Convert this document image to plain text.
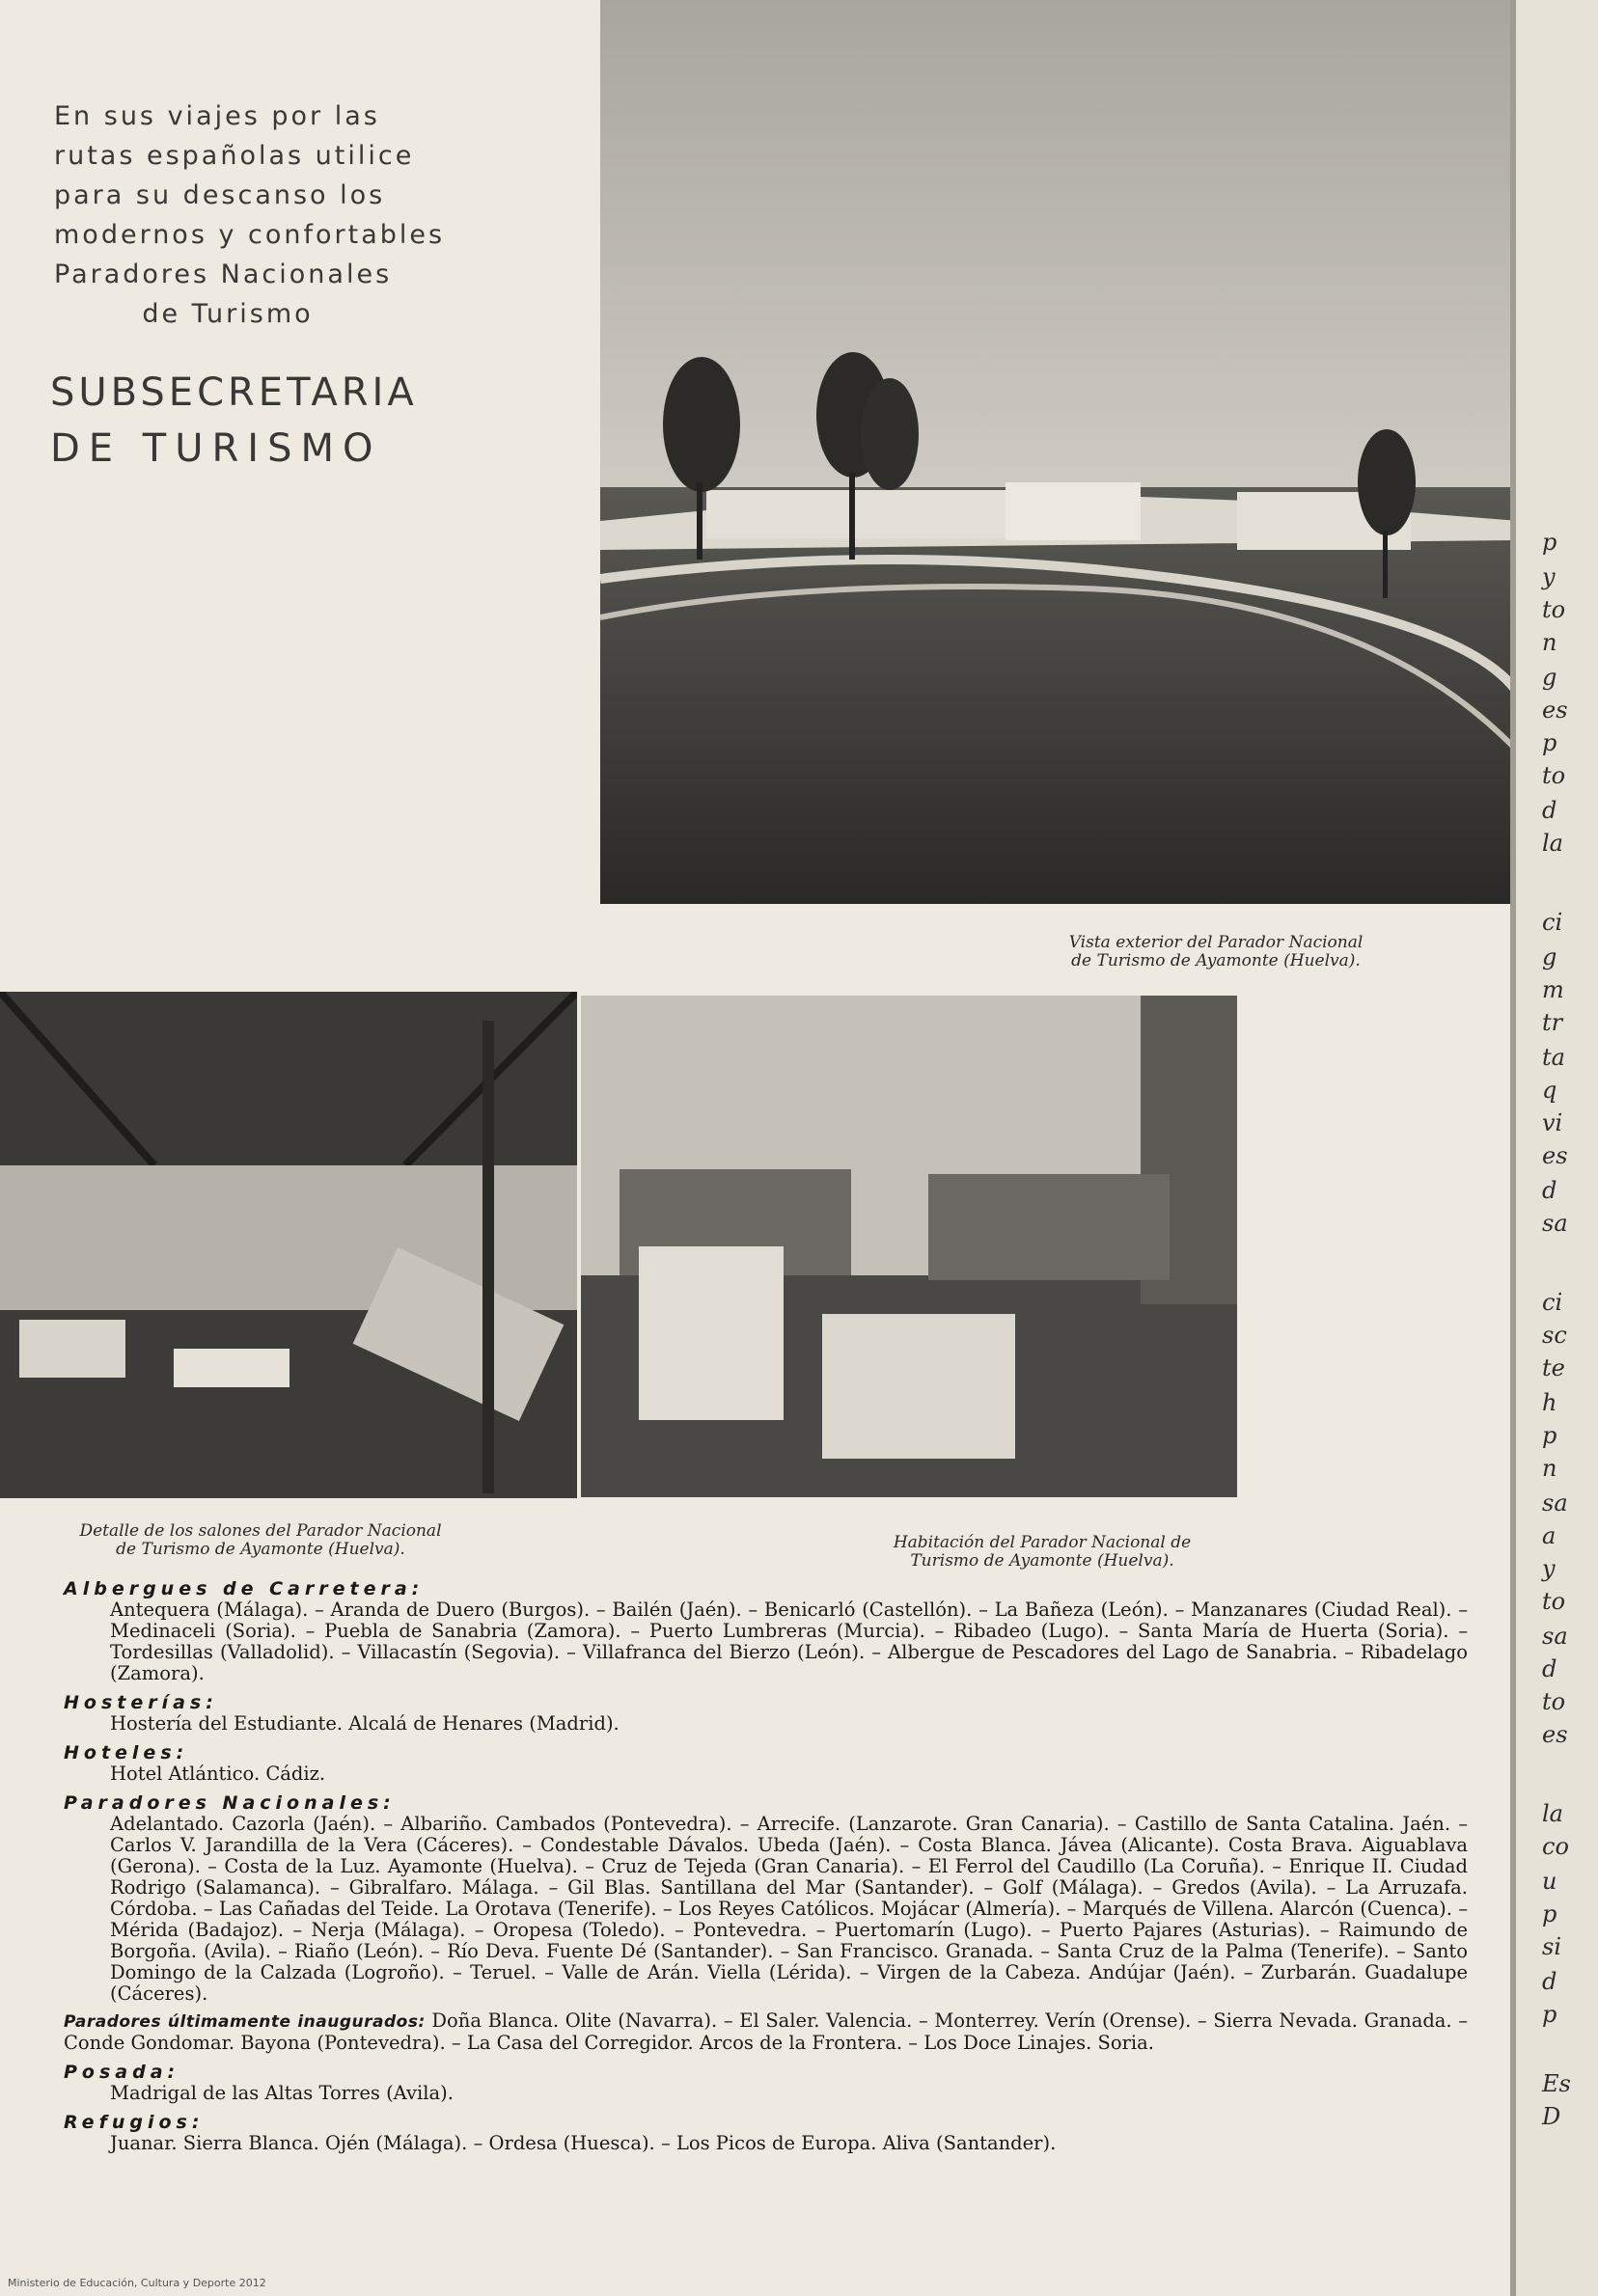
En sus viajes por las
rutas españolas utilice
para su descanso los
modernos y confortables
Paradores Nacionales
de Turismo
SUBSECRETARIA
DE TURISMO
Vista exterior del Parador Nacional
de Turismo de Ayamonte (Huelva).
Detalle de los salones del Parador Nacional
de Turismo de Ayamonte (Huelva).	Habitación del Parador Nacional de
Turismo de Ayamonte (Huelva).
Albergues de Carretera:
Antequera (Málaga). – Aranda de Duero (Burgos). – Bailén (Jaén). – Benicarló (Castellón). – La Bañeza (León). – Manzanares (Ciudad Real). – Medinaceli (Soria). – Puebla de Sanabria (Zamora). – Puerto Lumbreras (Murcia). – Ribadeo (Lugo). – Santa María de Huerta (Soria). – Tordesillas (Valladolid). – Villacastín (Segovia). – Villafranca del Bierzo (León). – Albergue de Pescadores del Lago de Sanabria. – Ribadelago (Zamora).
Hosterías:
Hostería del Estudiante. Alcalá de Henares (Madrid).
Hoteles:
Hotel Atlántico. Cádiz.
Paradores Nacionales:
Adelantado. Cazorla (Jaén). – Albariño. Cambados (Pontevedra). – Arrecife. (Lanzarote. Gran Canaria). – Castillo de Santa Catalina. Jaén. – Carlos V. Jarandilla de la Vera (Cáceres). – Condestable Dávalos. Ubeda (Jaén). – Costa Blanca. Jávea (Alicante). Costa Brava. Aiguablava (Gerona). – Costa de la Luz. Ayamonte (Huelva). – Cruz de Tejeda (Gran Canaria). – El Ferrol del Caudillo (La Coruña). – Enrique II. Ciudad Rodrigo (Salamanca). – Gibralfaro. Málaga. – Gil Blas. Santillana del Mar (Santander). – Golf (Málaga). – Gredos (Avila). – La Arruzafa. Córdoba. – Las Cañadas del Teide. La Orotava (Tenerife). – Los Reyes Católicos. Mojácar (Almería). – Marqués de Villena. Alarcón (Cuenca). – Mérida (Badajoz). – Nerja (Málaga). – Oropesa (Toledo). – Pontevedra. – Puertomarín (Lugo). – Puerto Pajares (Asturias). – Raimundo de Borgoña. (Avila). – Riaño (León). – Río Deva. Fuente Dé (Santander). – San Francisco. Granada. – Santa Cruz de la Palma (Tenerife). – Santo Domingo de la Calzada (Logroño). – Teruel. – Valle de Arán. Viella (Lérida). – Virgen de la Cabeza. Andújar (Jaén). – Zurbarán. Guadalupe (Cáceres).
Paradores últimamente inaugurados: Doña Blanca. Olite (Navarra). – El Saler. Valencia. – Monterrey. Verín (Orense). – Sierra Nevada. Granada. – Conde Gondomar. Bayona (Pontevedra). – La Casa del Corregidor. Arcos de la Frontera. – Los Doce Linajes. Soria.
Posada:
Madrigal de las Altas Torres (Avila).
Refugios:
Juanar. Sierra Blanca. Ojén (Málaga). – Ordesa (Huesca). – Los Picos de Europa. Aliva (Santander).
p
y
to
n
g
es
p
to
d
la
ci
g
m
tr
ta
q
vi
es
d
sa
ci
sc
te
h
p
n
sa
a
y
to
sa
d
to
es
la
co
u
p
si
d
p
Es
D
Ministerio de Educación, Cultura y Deporte 2012
